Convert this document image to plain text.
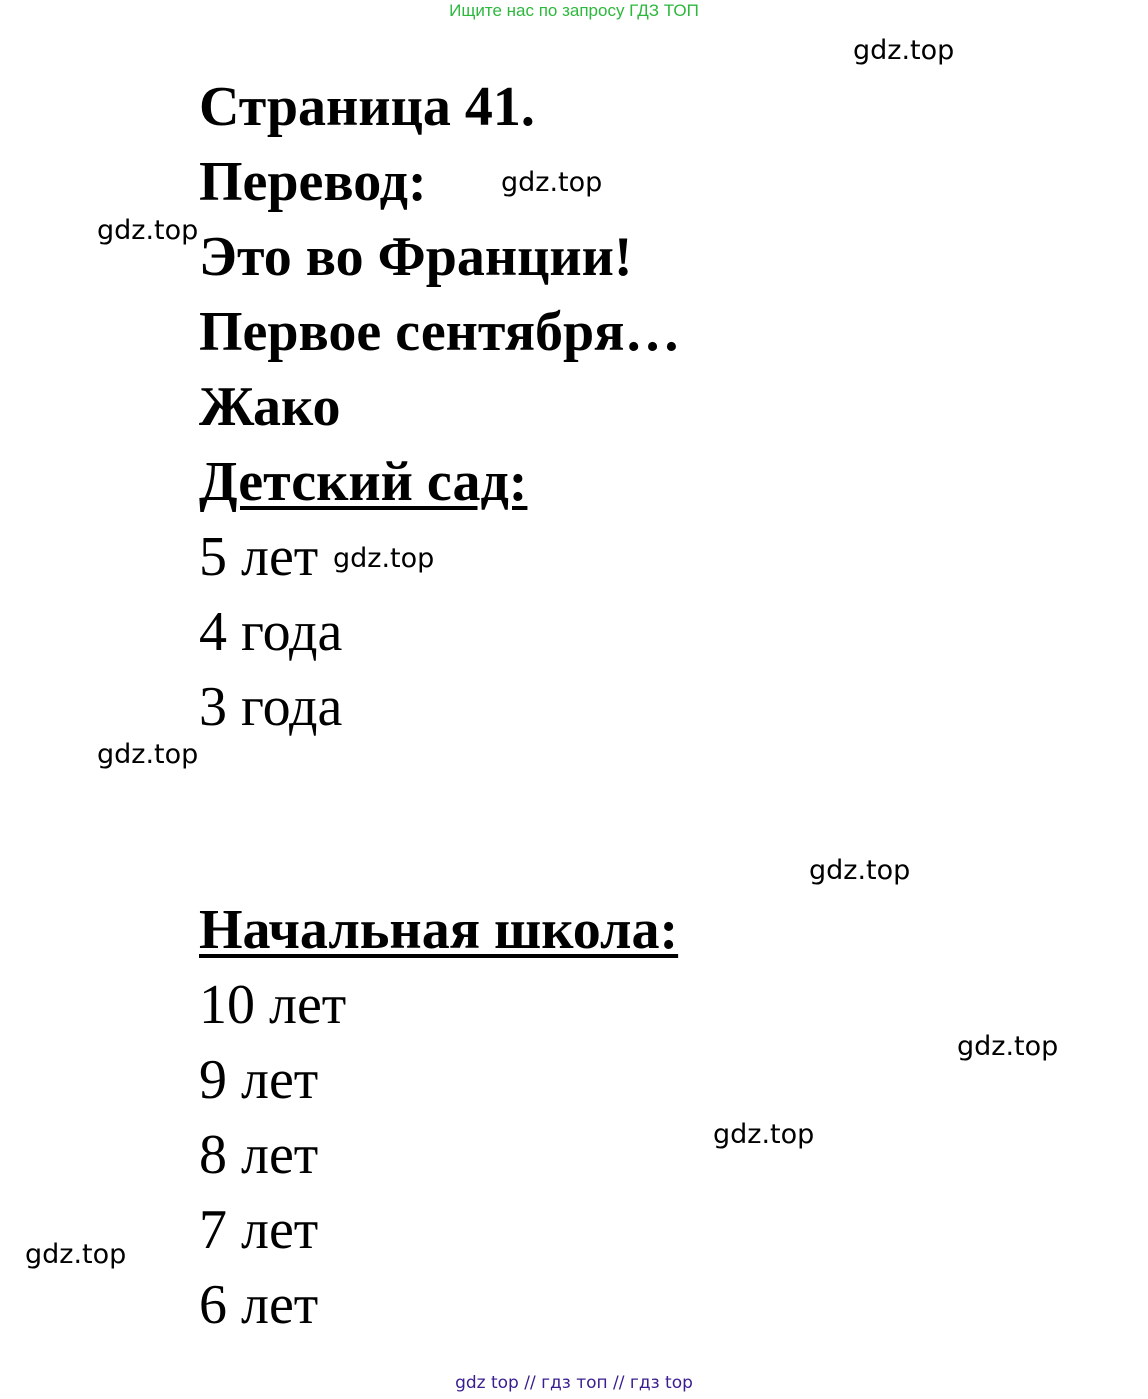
Ищите нас по запросу ГДЗ ТОП
gdz.top
gdz.top
gdz.top
gdz.top
gdz.top
gdz.top
gdz.top
gdz.top
gdz.top
Страница 41.
Перевод:
Это во Франции!
Первое сентября…
Жако
Детский сад:
5 лет
4 года
3 года
Начальная школа:
10 лет
9 лет
8 лет
7 лет
6 лет
gdz top // гдз топ // гдз top
